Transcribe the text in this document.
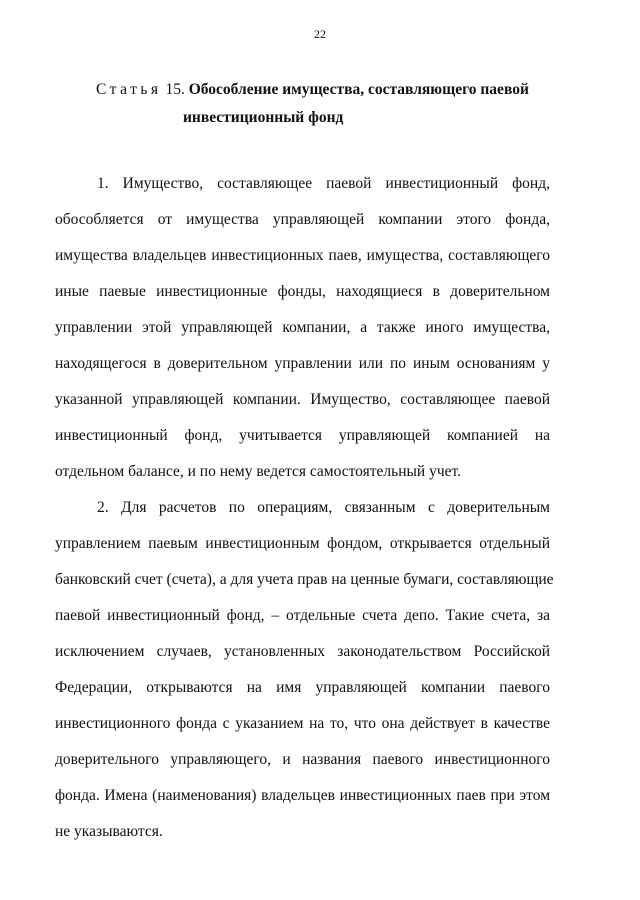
22
Статья 15. Обособление имущества, составляющего паевой
инвестиционный фонд
1. Имущество, составляющее паевой инвестиционный фонд,
обособляется от имущества управляющей компании этого фонда,
имущества владельцев инвестиционных паев, имущества, составляющего
иные паевые инвестиционные фонды, находящиеся в доверительном
управлении этой управляющей компании, а также иного имущества,
находящегося в доверительном управлении или по иным основаниям у
указанной управляющей компании. Имущество, составляющее паевой
инвестиционный фонд, учитывается управляющей компанией на
отдельном балансе, и по нему ведется самостоятельный учет.
2. Для расчетов по операциям, связанным с доверительным
управлением паевым инвестиционным фондом, открывается отдельный
банковский счет (счета), а для учета прав на ценные бумаги, составляющие
паевой инвестиционный фонд, – отдельные счета депо. Такие счета, за
исключением случаев, установленных законодательством Российской
Федерации, открываются на имя управляющей компании паевого
инвестиционного фонда с указанием на то, что она действует в качестве
доверительного управляющего, и названия паевого инвестиционного
фонда. Имена (наименования) владельцев инвестиционных паев при этом
не указываются.
